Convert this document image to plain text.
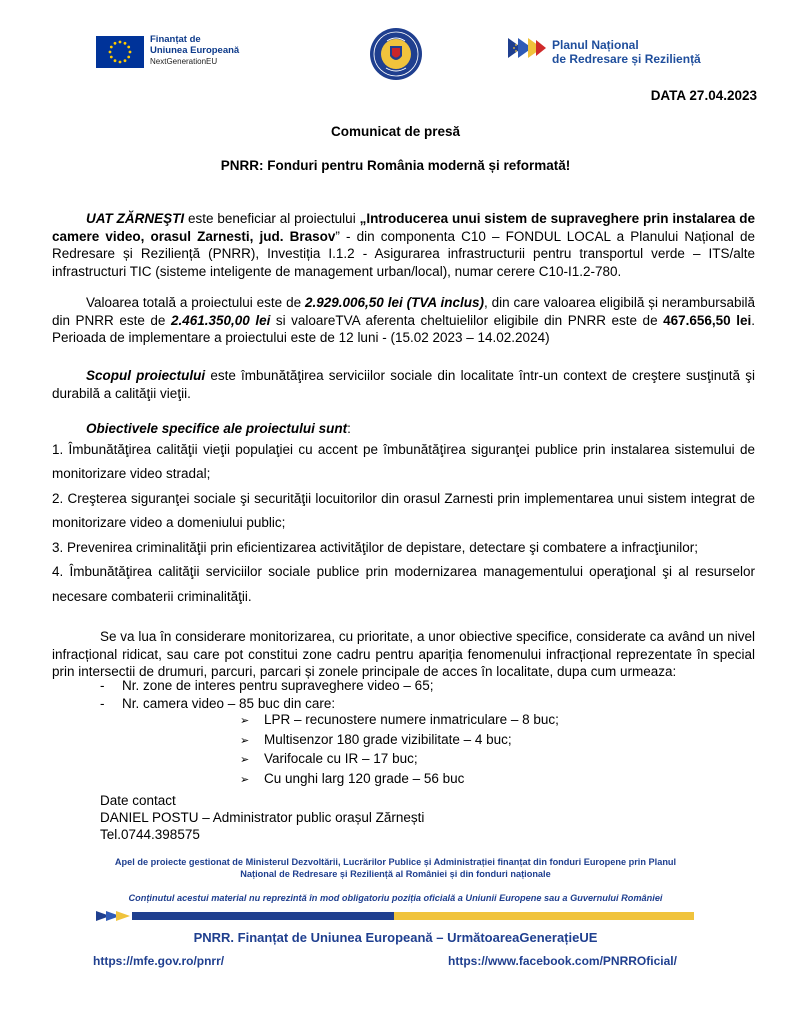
Finanțat de
Uniunea Europeană
NextGenerationEU
Planul Național
de Redresare și Reziliență
DATA 27.04.2023
Comunicat de presă
PNRR: Fonduri pentru România modernă și reformată!
UAT ZĂRNEŞTI este beneficiar al proiectului „Introducerea unui sistem de supraveghere prin instalarea de camere video, orasul Zarnesti, jud. Brasov” - din componenta C10 – FONDUL LOCAL a Planului Național de Redresare și Reziliență (PNRR), Investiția I.1.2 - Asigurarea infrastructurii pentru transportul verde – ITS/alte infrastructuri TIC (sisteme inteligente de management urban/local), numar cerere C10-I1.2-780.
Valoarea totală a proiectului este de 2.929.006,50 lei (TVA inclus), din care valoarea eligibilă și nerambursabilă din PNRR este de 2.461.350,00 lei si valoareTVA aferenta cheltuielilor eligibile din PNRR este de 467.656,50 lei. Perioada de implementare a proiectului este de 12 luni - (15.02 2023 – 14.02.2024)
Scopul proiectului este îmbunătăţirea serviciilor sociale din localitate într-un context de creştere susţinută şi durabilă a calităţii vieţii.
Obiectivele specifice ale proiectului sunt:

1. Îmbunătăţirea calităţii vieţii populaţiei cu accent pe îmbunătăţirea siguranţei publice prin instalarea sistemului de monitorizare video stradal;

2. Creşterea siguranţei sociale şi securităţii locuitorilor din orasul Zarnesti prin implementarea unui sistem integrat de monitorizare video a domeniului public;

3. Prevenirea criminalităţii prin eficientizarea activităţilor de depistare, detectare şi combatere a infracţiunilor;

4. Îmbunătăţirea calităţii serviciilor sociale publice prin modernizarea managementului operaţional şi al resurselor necesare combaterii criminalităţii.

Se va lua în considerare monitorizarea, cu prioritate, a unor obiective specifice, considerate ca având un nivel infracțional ridicat, sau care pot constitui zone cadru pentru apariția fenomenului infracțional reprezentate în special prin intersectii de drumuri, parcuri, parcari și zonele principale de acces în localitate, dupa cum urmeaza:
- Nr. zone de interes pentru supraveghere video – 65;
- Nr. camera video – 85 buc din care:
➢ LPR – recunostere numere inmatriculare – 8 buc;
➢ Multisenzor 180 grade vizibilitate – 4 buc;
➢ Varifocale cu IR – 17 buc;
➢ Cu unghi larg 120 grade – 56 buc
Date contact
DANIEL POSTU – Administrator public orașul Zărnești
Tel.0744.398575
Apel de proiecte gestionat de Ministerul Dezvoltării, Lucrărilor Publice și Administrației finanțat din fonduri Europene prin Planul
Național de Redresare și Reziliență al României și din fonduri naționale
Conținutul acestui material nu reprezintă în mod obligatoriu poziția oficială a Uniunii Europene sau a Guvernului României
PNRR. Finanțat de Uniunea Europeană – UrmătoareaGenerațieUE
https://mfe.gov.ro/pnrr/	https://www.facebook.com/PNRROficial/
